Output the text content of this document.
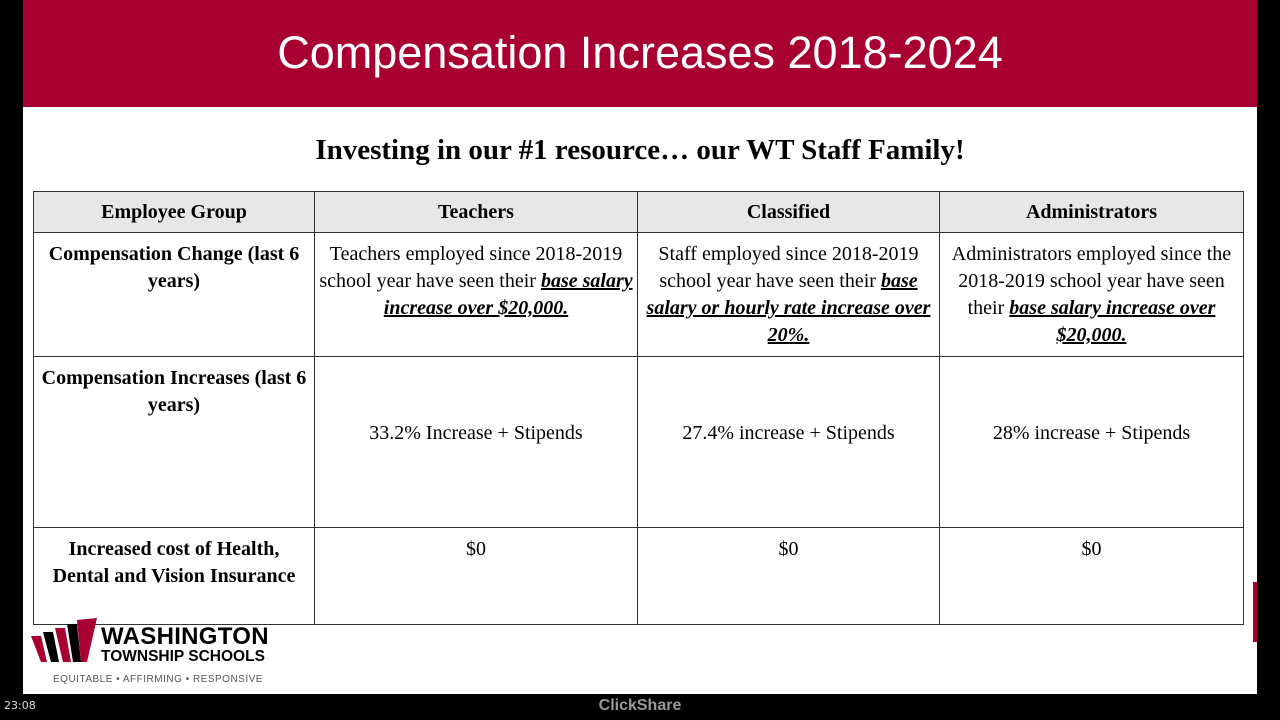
Compensation Increases 2018-2024
Investing in our #1 resource… our WT Staff Family!
Employee Group	Teachers	Classified	Administrators
Compensation Change (last 6 years)	Teachers employed since 2018-2019 school year have seen their base salary increase over $20,000.	Staff employed since 2018-2019 school year have seen their base salary or hourly rate increase over 20%.	Administrators employed since the 2018-2019 school year have seen their base salary increase over $20,000.
Compensation Increases (last 6 years)	33.2% Increase + Stipends	27.4% increase + Stipends	28% increase + Stipends
Increased cost of Health, Dental and Vision Insurance	$0	$0	$0
WASHINGTON
TOWNSHIP SCHOOLS
EQUITABLE • AFFIRMING • RESPONSIVE
23:08	ClickShare
